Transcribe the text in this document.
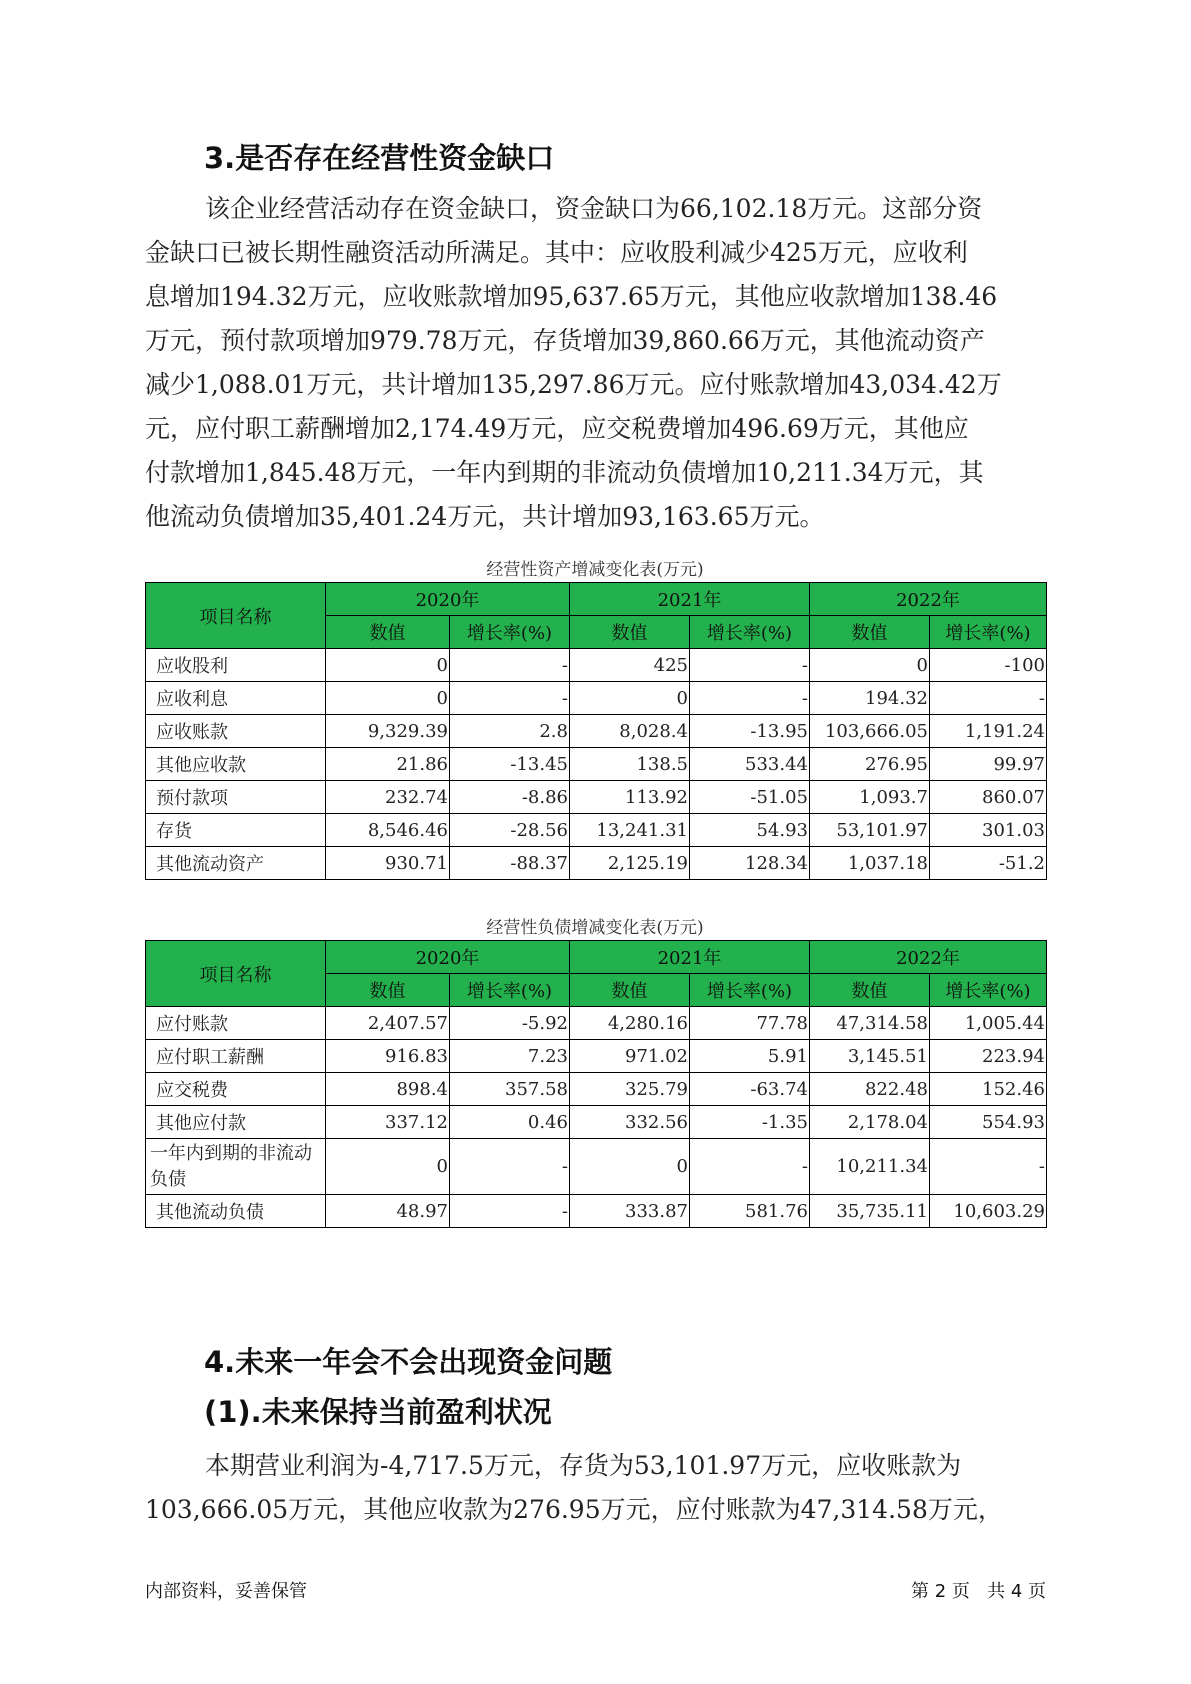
3.是否存在经营性资金缺口

该企业经营活动存在资金缺口，资金缺口为66,102.18万元。这部分资
金缺口已被长期性融资活动所满足。其中：应收股利减少425万元，应收利
息增加194.32万元，应收账款增加95,637.65万元，其他应收款增加138.46
万元，预付款项增加979.78万元，存货增加39,860.66万元，其他流动资产
减少1,088.01万元，共计增加135,297.86万元。应付账款增加43,034.42万
元，应付职工薪酬增加2,174.49万元，应交税费增加496.69万元，其他应
付款增加1,845.48万元，一年内到期的非流动负债增加10,211.34万元，其
他流动负债增加35,401.24万元，共计增加93,163.65万元。

经营性资产增减变化表(万元)

项目名称	2020年		2021年		2022年	
	数值	增长率(%)	数值	增长率(%)	数值	增长率(%)
应收股利	0	-	425	-	0	-100
应收利息	0	-	0	-	194.32	-
应收账款	9,329.39	2.8	8,028.4	-13.95	103,666.05	1,191.24
其他应收款	21.86	-13.45	138.5	533.44	276.95	99.97
预付款项	232.74	-8.86	113.92	-51.05	1,093.7	860.07
存货	8,546.46	-28.56	13,241.31	54.93	53,101.97	301.03
其他流动资产	930.71	-88.37	2,125.19	128.34	1,037.18	-51.2

经营性负债增减变化表(万元)

项目名称	2020年		2021年		2022年	
	数值	增长率(%)	数值	增长率(%)	数值	增长率(%)
应付账款	2,407.57	-5.92	4,280.16	77.78	47,314.58	1,005.44
应付职工薪酬	916.83	7.23	971.02	5.91	3,145.51	223.94
应交税费	898.4	357.58	325.79	-63.74	822.48	152.46
其他应付款	337.12	0.46	332.56	-1.35	2,178.04	554.93
一年内到期的非流动负债	0	-	0	-	10,211.34	-
其他流动负债	48.97	-	333.87	581.76	35,735.11	10,603.29
4.未来一年会不会出现资金问题
(1).未来保持当前盈利状况

本期营业利润为-4,717.5万元，存货为53,101.97万元，应收账款为
103,666.05万元，其他应收款为276.95万元，应付账款为47,314.58万元，

内部资料，妥善保管	第 2 页   共 4 页
